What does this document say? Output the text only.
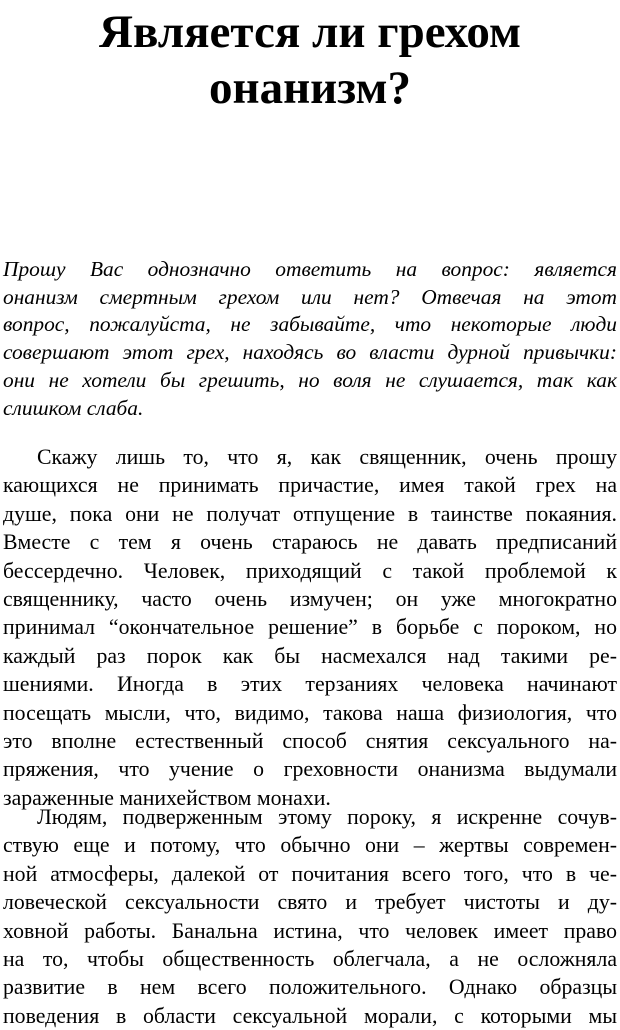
Является ли грехом
онанизм?
Прошу Вас однозначно ответить на вопрос: является
онанизм смертным грехом или нет? Отвечая на этот
вопрос, пожалуйста, не забывайте, что некоторые люди
совершают этот грех, находясь во власти дурной привычки:
они не хотели бы грешить, но воля не слушается, так как
слишком слаба.
Скажу лишь то, что я, как священник, очень прошу
кающихся не принимать причастие, имея такой грех на
душе, пока они не получат отпущение в таинстве покаяния.
Вместе с тем я очень стараюсь не давать предписаний
бессердечно. Человек, приходящий с такой проблемой к
священнику, часто очень измучен; он уже многократно
принимал “окончательное решение” в борьбе с пороком, но
каждый раз порок как бы насмехался над такими ре-
шениями. Иногда в этих терзаниях человека начинают
посещать мысли, что, видимо, такова наша физиология, что
это вполне естественный способ снятия сексуального на-
пряжения, что учение о греховности онанизма выдумали
зараженные манихейством монахи.
Людям, подверженным этому пороку, я искренне сочув-
ствую еще и потому, что обычно они – жертвы современ-
ной атмосферы, далекой от почитания всего того, что в че-
ловеческой сексуальности свято и требует чистоты и ду-
ховной работы. Банальна истина, что человек имеет право
на то, чтобы общественность облегчала, а не осложняла
развитие в нем всего положительного. Однако образцы
поведения в области сексуальной морали, с которыми мы
